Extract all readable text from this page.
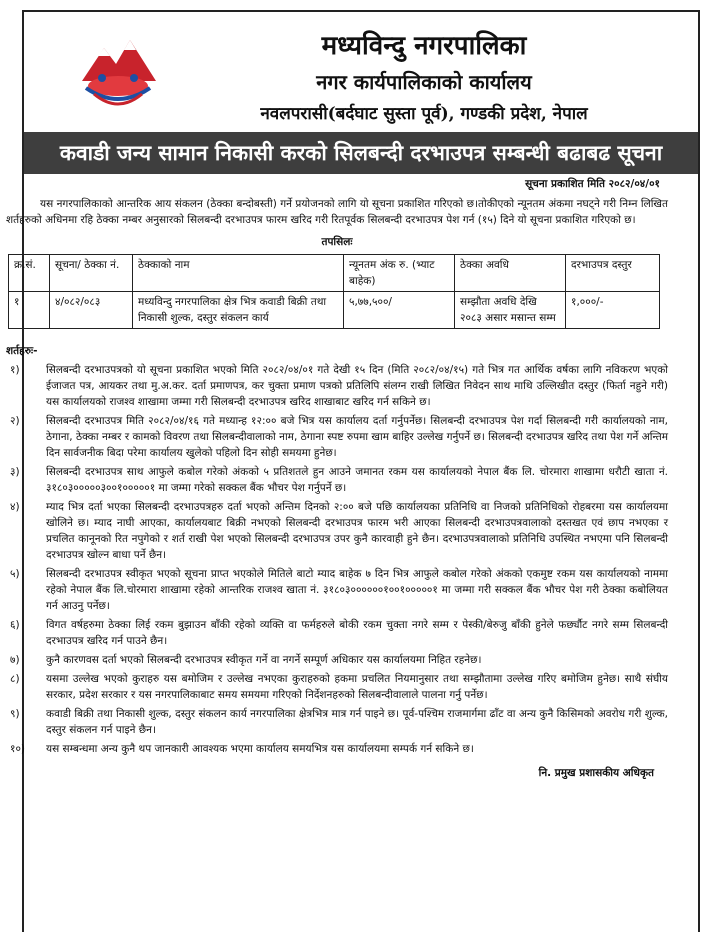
मध्यविन्दु नगरपालिका
नगर कार्यपालिकाको कार्यालय
नवलपरासी(बर्दघाट सुस्ता पूर्व), गण्डकी प्रदेश, नेपाल
कवाडी जन्य सामान निकासी करको सिलबन्दी दरभाउपत्र सम्बन्धी बढाबढ सूचना
सूचना प्रकाशित मिति २०८२/०४/०१
यस नगरपालिकाको आन्तरिक आय संकलन (ठेक्का बन्दोबस्ती) गर्ने प्रयोजनको लागि यो सूचना प्रकाशित गरिएको छ।तोकीएको न्यूनतम अंकमा नघट्ने गरी निम्न लिखित शर्तहरुको अधिनमा रहि ठेक्का नम्बर अनुसारको सिलबन्दी दरभाउपत्र फारम खरिद गरी रितपूर्वक सिलबन्दी दरभाउपत्र पेश गर्न (१५) दिने यो सूचना प्रकाशित गरिएको छ।
तपसिलः
क्र.सं.	सूचना/ ठेक्का नं.	ठेक्काको नाम	न्यूनतम अंक रु. (भ्याट बाहेक)	ठेक्का अवधि	दरभाउपत्र दस्तुर
१	४/०८२/०८३	मध्यविन्दु नगरपालिका क्षेत्र भित्र कवाडी बिक्री तथा निकासी शुल्क, दस्तुर संकलन कार्य	५,७७,५००/	सम्झौता अवधि देखि २०८३ असार मसान्त सम्म	१,०००/-
शर्तहरुः-
१)	सिलबन्दी दरभाउपत्रको यो सूचना प्रकाशित भएको मिति २०८२/०४/०१ गते देखी १५ दिन (मिति २०८२/०४/१५) गते भित्र गत आर्थिक वर्षका लागि नविकरण भएको ईजाजत पत्र, आयकर तथा मु.अ.कर. दर्ता प्रमाणपत्र, कर चुक्ता प्रमाण पत्रको प्रतिलिपि संलग्न राखी लिखित निवेदन साथ माथि उल्लिखीत दस्तुर (फिर्ता नहुने गरी) यस कार्यालयको राजश्व शाखामा जम्मा गरी सिलबन्दी दरभाउपत्र खरिद शाखाबाट खरिद गर्न सकिने छ।
२)	सिलबन्दी दरभाउपत्र मिति २०८२/०४/१६ गते मध्यान्ह १२:०० बजे भित्र यस कार्यालय दर्ता गर्नुपर्नेछ। सिलबन्दी दरभाउपत्र पेश गर्दा सिलबन्दी गरी कार्यालयको नाम, ठेगाना, ठेक्का नम्बर र कामको विवरण तथा सिलबन्दीवालाको नाम, ठेगाना स्पष्ट रुपमा खाम बाहिर उल्लेख गर्नुपर्ने छ। सिलबन्दी दरभाउपत्र खरिद तथा पेश गर्ने अन्तिम दिन सार्वजनीक बिदा परेमा कार्यालय खुलेको पहिलो दिन सोही समयमा हुनेछ।
३)	सिलबन्दी दरभाउपत्र साथ आफुले कबोल गरेको अंकको ५ प्रतिशतले हुन आउने जमानत रकम यस कार्यालयको नेपाल बैंक लि. चोरमारा शाखामा धरौटी खाता नं. ३१८०३०००००३००१०००००१ मा जम्मा गरेको सक्कल बैंक भौचर पेश गर्नुपर्ने छ।
४)	म्याद भित्र दर्ता भएका सिलबन्दी दरभाउपत्रहरु दर्ता भएको अन्तिम दिनको २:०० बजे पछि कार्यालयका प्रतिनिधि वा निजको प्रतिनिधिको रोहबरमा यस कार्यालयमा खोलिने छ। म्याद नाघी आएका, कार्यालयबाट बिक्री नभएको सिलबन्दी दरभाउपत्र फारम भरी आएका सिलबन्दी दरभाउपत्रवालाको दस्तखत एवं छाप नभएका र प्रचलित कानूनको रित नपुगेको र शर्त राखी पेश भएको सिलबन्दी दरभाउपत्र उपर कुनै कारवाही हुने छैन। दरभाउपत्रवालाको प्रतिनिधि उपस्थित नभएमा पनि सिलबन्दी दरभाउपत्र खोल्न बाधा पर्ने छैन।
५)	सिलबन्दी दरभाउपत्र स्वीकृत भएको सूचना प्राप्त भएकोले मितिले बाटो म्याद बाहेक ७ दिन भित्र आफुले कबोल गरेको अंकको एकमुष्ट रकम यस कार्यालयको नाममा रहेको नेपाल बैंक लि.चोरमारा शाखामा रहेको आन्तरिक राजश्व खाता नं. ३१८०३००००००१००१०००००१ मा जम्मा गरी सक्कल बैंक भौचर पेश गरी ठेक्का कबोलियत गर्न आउनु पर्नेछ।
६)	विगत वर्षहरुमा ठेक्का लिई रकम बुझाउन बाँकी रहेको व्यक्ति वा फर्महरुले बोकी रकम चुक्ता नगरे सम्म र पेस्की/बेरुजु बाँकी हुनेले फर्छ्यौट नगरे सम्म सिलबन्दी दरभाउपत्र खरिद गर्न पाउने छैन।
७)	कुनै कारणवस दर्ता भएको सिलबन्दी दरभाउपत्र स्वीकृत गर्ने वा नगर्ने सम्पूर्ण अधिकार यस कार्यालयमा निहित रहनेछ।
८)	यसमा उल्लेख भएको कुराहरु यस बमोजिम र उल्लेख नभएका कुराहरुको हकमा प्रचलित नियमानुसार तथा सम्झौतामा उल्लेख गरिए बमोजिम हुनेछ। साथै संघीय सरकार, प्रदेश सरकार र यस नगरपालिकाबाट समय समयमा गरिएको निर्देशनहरुको सिलबन्दीवालाले पालना गर्नु पर्नेछ।
९)	कवाडी बिक्री तथा निकासी शुल्क, दस्तुर संकलन कार्य नगरपालिका क्षेत्रभित्र मात्र गर्न पाइने छ। पूर्व-पश्चिम राजमार्गमा ढाँट वा अन्य कुनै किसिमको अवरोध गरी शुल्क, दस्तुर संकलन गर्न पाइने छैन।
१०)	यस सम्बन्धमा अन्य कुनै थप जानकारी आवश्यक भएमा कार्यालय समयभित्र यस कार्यालयमा सम्पर्क गर्न सकिने छ।
नि. प्रमुख प्रशासकीय अधिकृत
